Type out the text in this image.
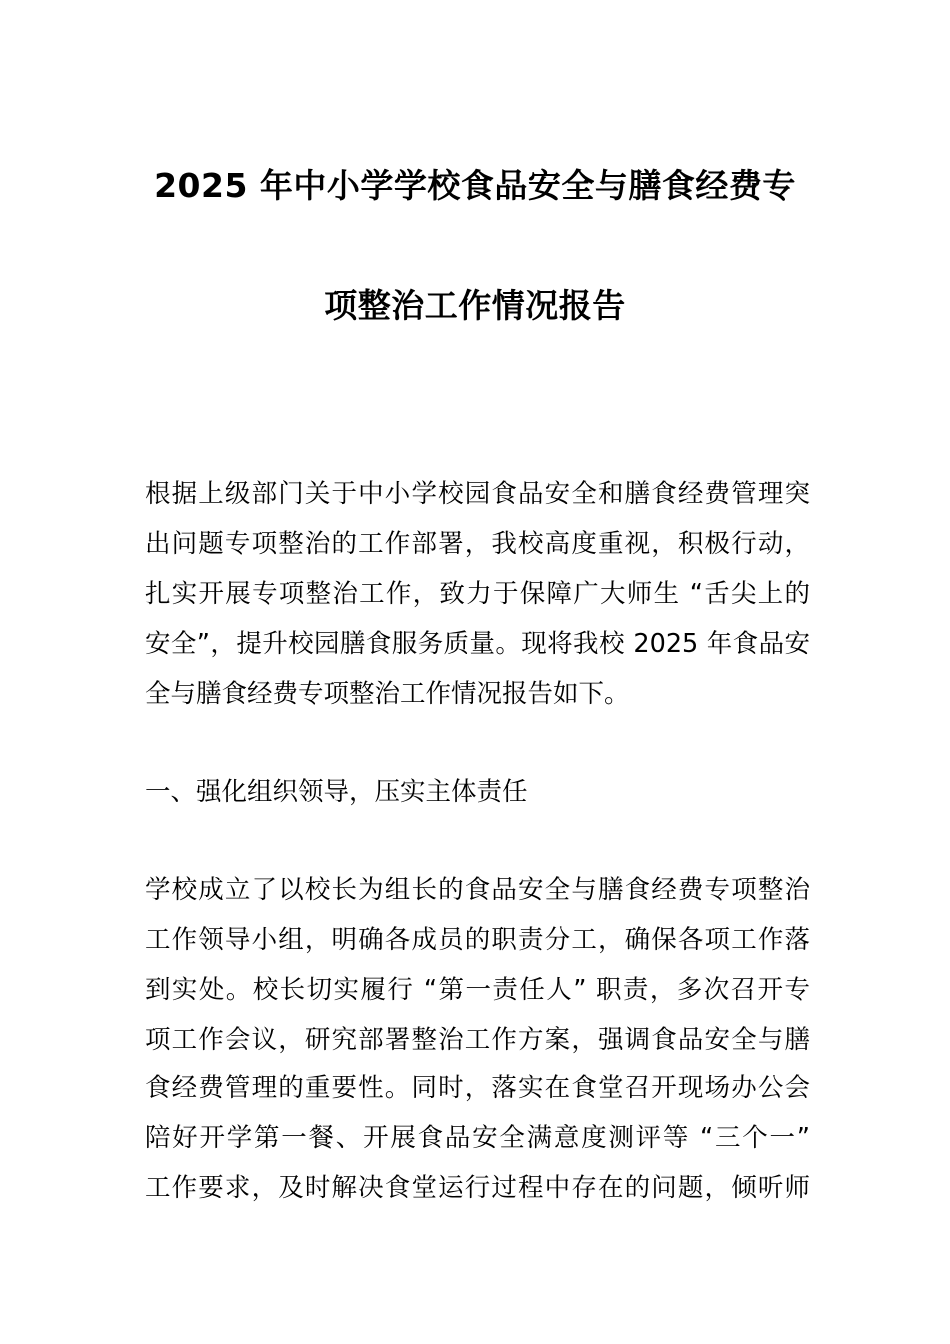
2025 年中小学学校食品安全与膳食经费专
项整治工作情况报告
根据上级部门关于中小学校园食品安全和膳食经费管理突
出问题专项整治的工作部署，我校高度重视，积极行动，
扎实开展专项整治工作，致力于保障广大师生 “舌尖上的
安全”，提升校园膳食服务质量。现将我校 2025 年食品安
全与膳食经费专项整治工作情况报告如下。
一、强化组织领导，压实主体责任
学校成立了以校长为组长的食品安全与膳食经费专项整治
工作领导小组，明确各成员的职责分工，确保各项工作落
到实处。校长切实履行 “第一责任人” 职责，多次召开专
项工作会议，研究部署整治工作方案，强调食品安全与膳
食经费管理的重要性。同时，落实在食堂召开现场办公会
陪好开学第一餐、开展食品安全满意度测评等 “三个一”
工作要求，及时解决食堂运行过程中存在的问题，倾听师
